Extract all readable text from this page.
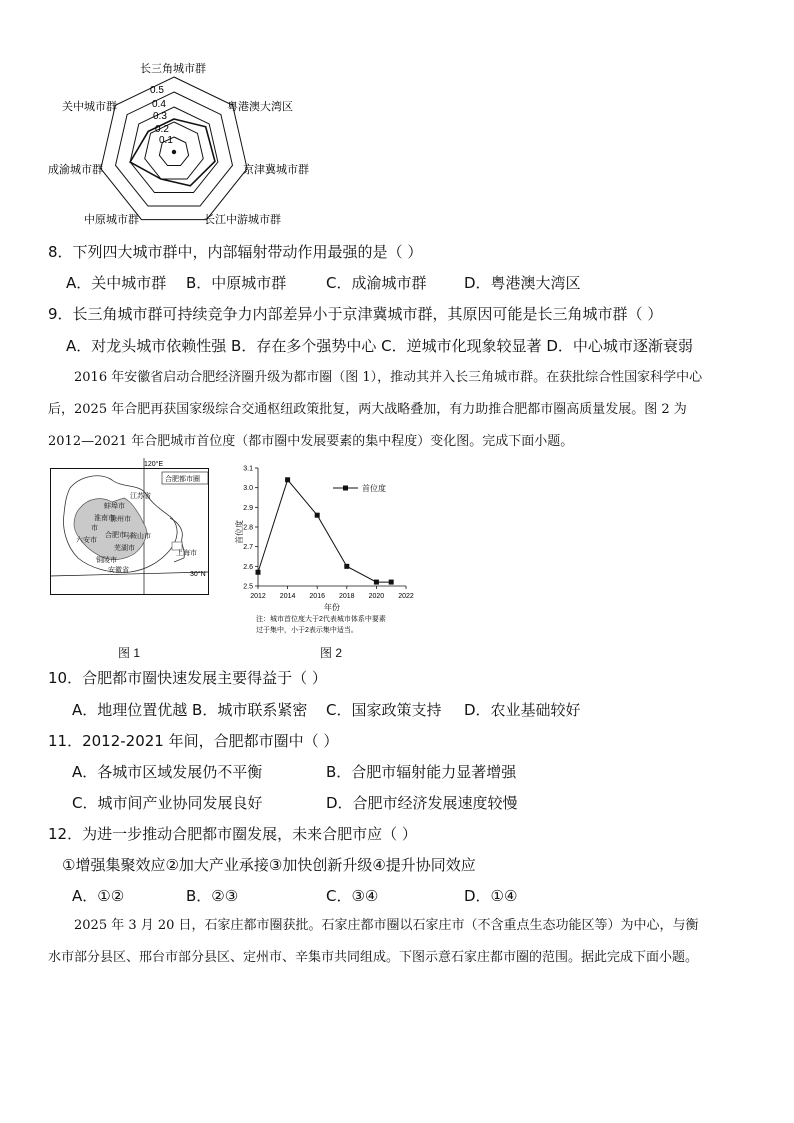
0.5
0.4
0.3
0.2
0.1
长三角城市群
粤港澳大湾区
京津冀城市群
长江中游城市群
中原城市群
成渝城市群
关中城市群
8．下列四大城市群中，内部辐射带动作用最强的是（ ）
A．关中城市群 B．中原城市群	C．成渝城市群	D．粤港澳大湾区
9．长三角城市群可持续竞争力内部差异小于京津冀城市群，其原因可能是长三角城市群（ ）
A．对龙头城市依赖性强 B．存在多个强势中心 C．逆城市化现象较显著 D．中心城市逐渐衰弱
2016 年安徽省启动合肥经济圈升级为都市圈（图 1），推动其并入长三角城市群。在获批综合性国家科学中心
后，2025 年合肥再获国家级综合交通枢纽政策批复，两大战略叠加，有力助推合肥都市圈高质量发展。图 2 为
2012—2021 年合肥城市首位度（都市圈中发展要素的集中程度）变化图。完成下面小题。
120°E
30°N
合肥都市圈
江苏省
蚌埠市
淮南市
滁州市
六安市
合肥市
马鞍山市
芜湖市
铜陵市
安徽省
上海市
市
图 1
首位度
2.5
2.6
2.7
2.8
2.9
3.0
3.1
2012 2014 2016 2018 2020 2022
首位度
年份
注：城市首位度大于2代表城市体系中要素
过于集中，小于2表示集中适当。
图 2
10．合肥都市圈快速发展主要得益于（ ）
A．地理位置优越 B．城市联系紧密 C．国家政策支持 D．农业基础较好
11．2012-2021 年间，合肥都市圈中（ ）
A．各城市区域发展仍不平衡	B．合肥市辐射能力显著增强
C．城市间产业协同发展良好	D．合肥市经济发展速度较慢
12．为进一步推动合肥都市圈发展，未来合肥市应（ ）
①增强集聚效应②加大产业承接③加快创新升级④提升协同效应
A．①②	B．②③	C．③④	D．①④
2025 年 3 月 20 日，石家庄都市圈获批。石家庄都市圈以石家庄市（不含重点生态功能区等）为中心，与衡
水市部分县区、邢台市部分县区、定州市、辛集市共同组成。下图示意石家庄都市圈的范围。据此完成下面小题。
